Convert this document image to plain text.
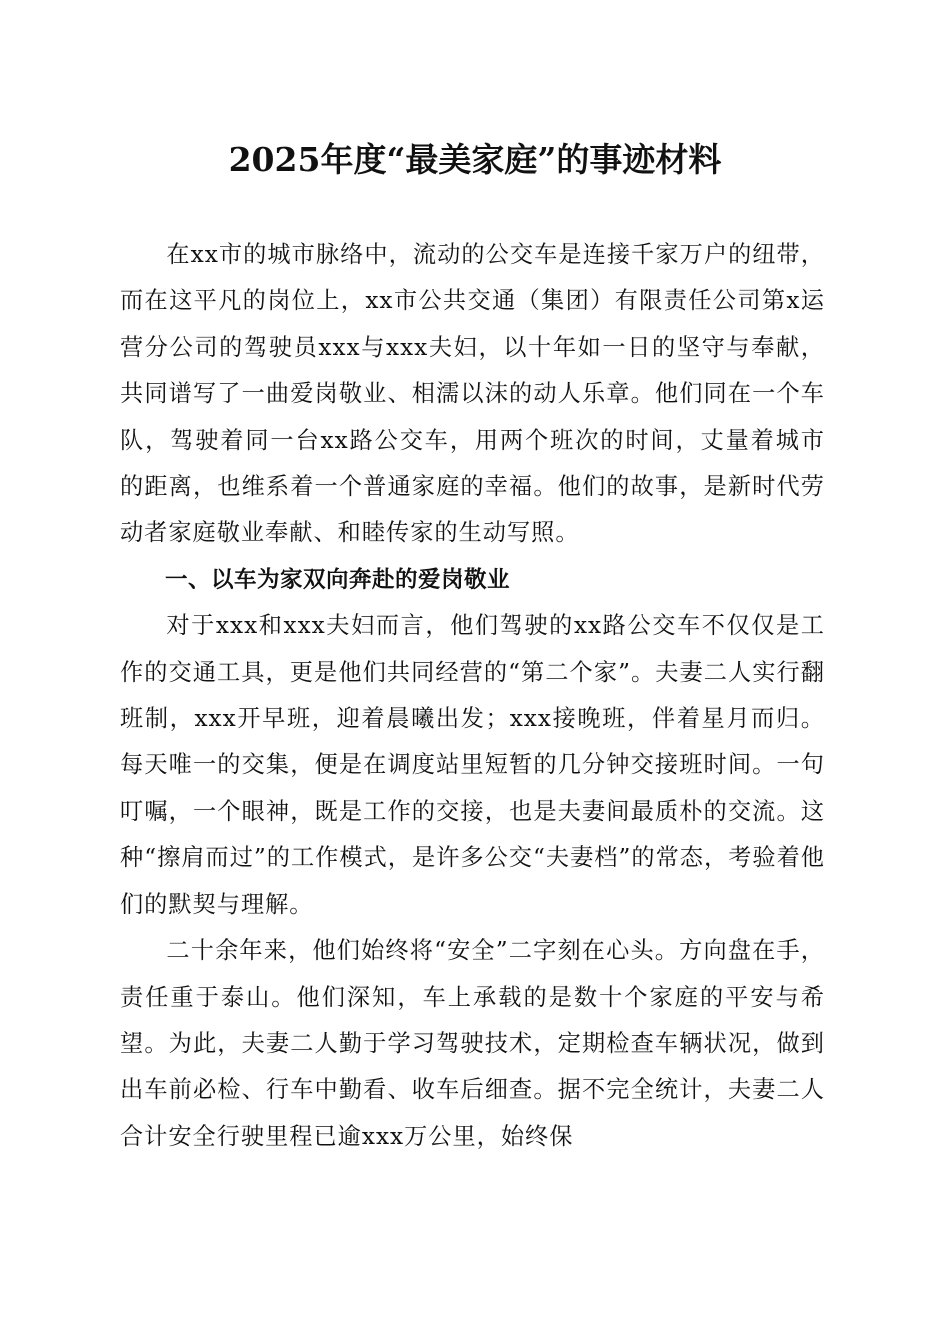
2025年度“最美家庭”的事迹材料

在xx市的城市脉络中，流动的公交车是连接千家万户的纽带，而在这平凡的岗位上，xx市公共交通（集团）有限责任公司第x运营分公司的驾驶员xxx与xxx夫妇，以十年如一日的坚守与奉献，共同谱写了一曲爱岗敬业、相濡以沫的动人乐章。他们同在一个车队，驾驶着同一台xx路公交车，用两个班次的时间，丈量着城市的距离，也维系着一个普通家庭的幸福。他们的故事，是新时代劳动者家庭敬业奉献、和睦传家的生动写照。

一、以车为家双向奔赴的爱岗敬业

对于xxx和xxx夫妇而言，他们驾驶的xx路公交车不仅仅是工作的交通工具，更是他们共同经营的“第二个家”。夫妻二人实行翻班制，xxx开早班，迎着晨曦出发；xxx接晚班，伴着星月而归。每天唯一的交集，便是在调度站里短暂的几分钟交接班时间。一句叮嘱，一个眼神，既是工作的交接，也是夫妻间最质朴的交流。这种“擦肩而过”的工作模式，是许多公交“夫妻档”的常态，考验着他们的默契与理解。

二十余年来，他们始终将“安全”二字刻在心头。方向盘在手，责任重于泰山。他们深知，车上承载的是数十个家庭的平安与希望。为此，夫妻二人勤于学习驾驶技术，定期检查车辆状况，做到出车前必检、行车中勤看、收车后细查。据不完全统计，夫妻二人合计安全行驶里程已逾xxx万公里，始终保
